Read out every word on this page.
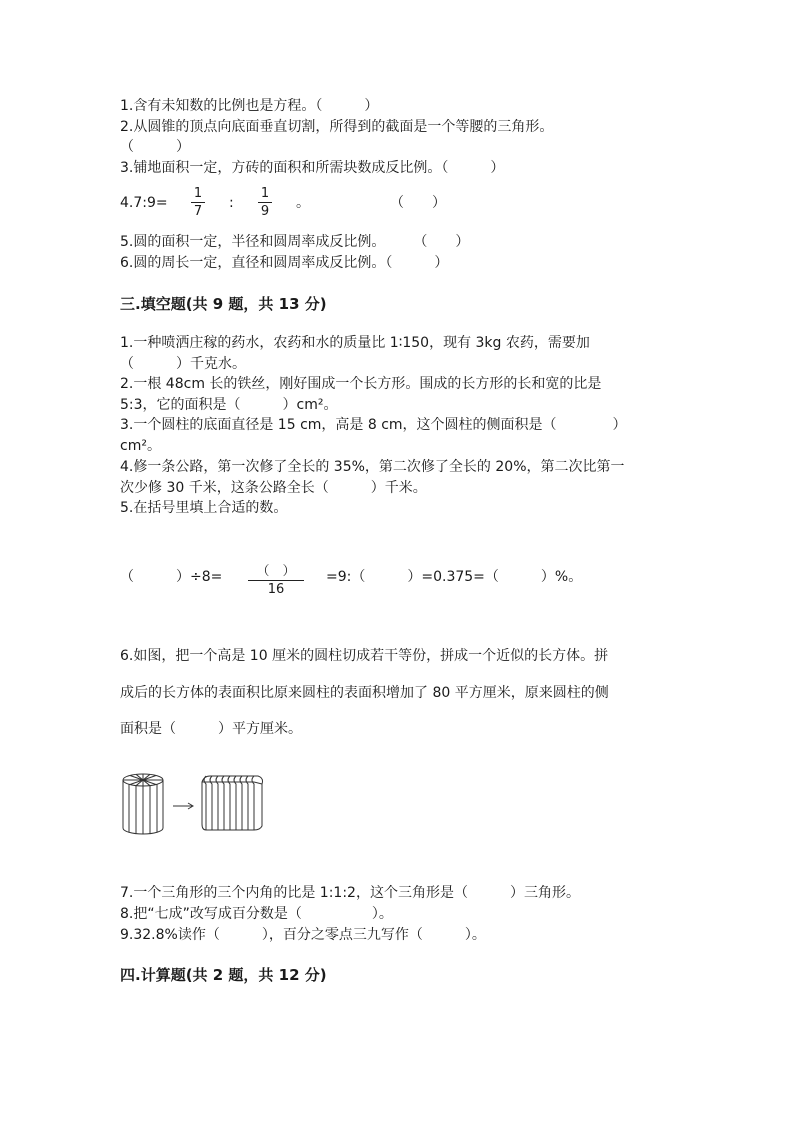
1.含有未知数的比例也是方程。（　　　）
2.从圆锥的顶点向底面垂直切割，所得到的截面是一个等腰的三角形。
（　　　）
3.铺地面积一定，方砖的面积和所需块数成反比例。（　　　）
4.7:9=
1
7
:
1
9
。	（　　）
5.圆的面积一定，半径和圆周率成反比例。　　　（　　）
6.圆的周长一定，直径和圆周率成反比例。（　　　）
三.填空题(共 9 题，共 13 分)
1.一种喷洒庄稼的药水，农药和水的质量比 1∶150，现有 3kg 农药，需要加
（　　　）千克水。
2.一根 48cm 长的铁丝，刚好围成一个长方形。围成的长方形的长和宽的比是
5:3，它的面积是（　　　）cm²。
3.一个圆柱的底面直径是 15 cm，高是 8 cm，这个圆柱的侧面积是（　　　　）
cm²。
4.修一条公路，第一次修了全长的 35%，第二次修了全长的 20%，第二次比第一
次少修 30 千米，这条公路全长（　　　）千米。
5.在括号里填上合适的数。
（　　　）÷8=	（　）
16
=9:（　　　）=0.375=（　　　）%。
6.如图，把一个高是 10 厘米的圆柱切成若干等份，拼成一个近似的长方体。拼
成后的长方体的表面积比原来圆柱的表面积增加了 80 平方厘米，原来圆柱的侧
面积是（　　　）平方厘米。
7.一个三角形的三个内角的比是 1:1:2，这个三角形是（　　　）三角形。
8.把“七成”改写成百分数是（　　　　　）。
9.32.8%读作（　　　），百分之零点三九写作（　　　）。
四.计算题(共 2 题，共 12 分)
